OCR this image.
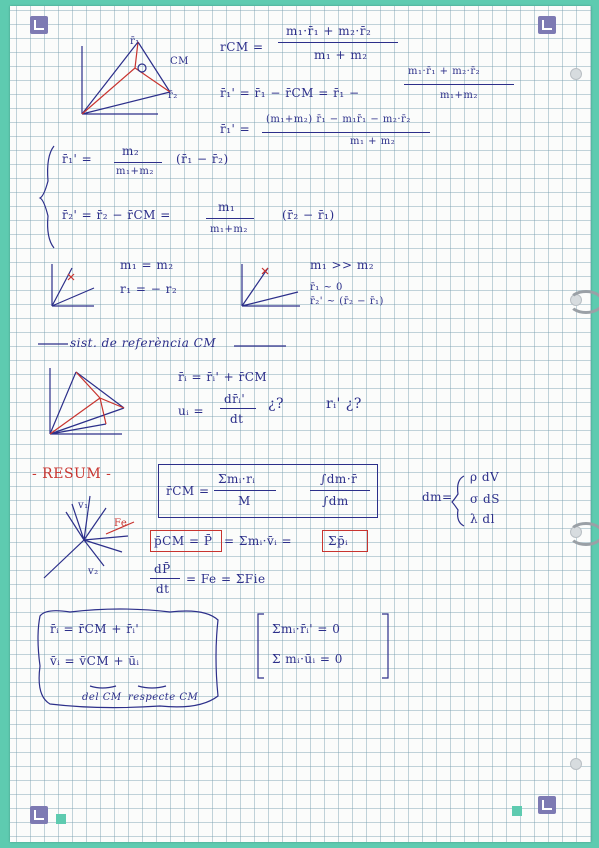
rCM =
m₁·r̄₁ + m₂·r̄₂
m₁ + m₂
r̄₁' = r̄₁ − r̄CM = r̄₁ −
m₁·r̄₁ + m₂·r̄₂
m₁+m₂
r̄₁' =
(m₁+m₂) r̄₁ − m₁r̄₁ − m₂·r̄₂
m₁ + m₂
r̄₁' =
m₂
m₁+m₂
(r̄₁ − r̄₂)
r̄₂' = r̄₂ − r̄CM =
m₁
m₁+m₂
(r̄₂ − r̄₁)
m₁ = m₂
r₁ = − r₂
m₁ >> m₂
r̄₁ ~ 0
r̄₂' ~ (r̄₂ − r̄₁)
sist. de referència CM
r̄ᵢ = r̄ᵢ' + r̄CM
uᵢ =
dr̄ᵢ'
dt
¿?	rᵢ' ¿?
- RESUM -
r̄CM =
Σmᵢ·rᵢ
M
∫dm·r̄
∫dm	dm=
ρ dV
σ dS
λ dl
p̄CM = P̄ = Σmᵢ·v̄ᵢ =	Σp̄ᵢ
dP̄
dt
= Fe = ΣFie
Fe
r̄ᵢ = r̄CM + r̄ᵢ'
v̄ᵢ = v̄CM + ūᵢ
del CM respecte CM
Σmᵢ·r̄ᵢ' = 0
Σ mᵢ·ūᵢ = 0
r̄₁
r̄₂
CM
v₁
v₂
